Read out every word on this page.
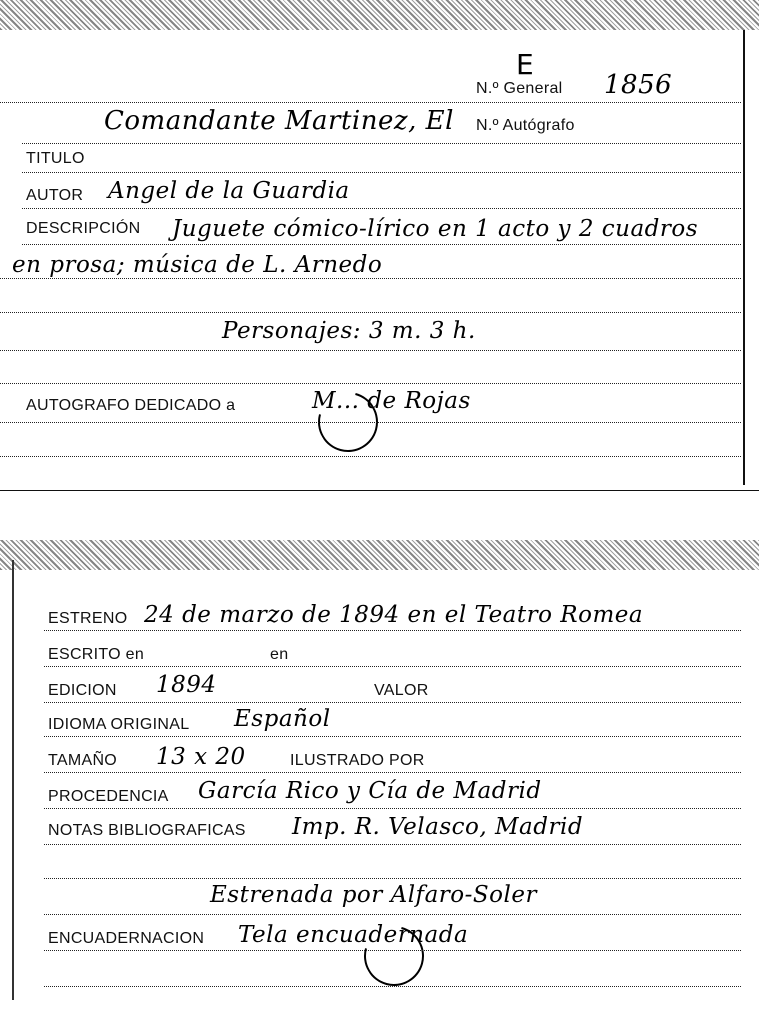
E
N.º General 1856
Comandante Martinez, El N.º Autógrafo
TITULO
AUTOR Angel de la Guardia
DESCRIPCIÓN Juguete cómico-lírico en 1 acto y 2 cuadros
en prosa; música de L. Arnedo
Personajes: 3 m. 3 h.
AUTOGRAFO DEDICADO a	M... de Rojas
ESTRENO 24 de marzo de 1894 en el Teatro Romea
ESCRITO en	en
EDICION 1894	VALOR
IDIOMA ORIGINAL Español
TAMAÑO 13 x 20	ILUSTRADO POR
PROCEDENCIA García Rico y Cía de Madrid
NOTAS BIBLIOGRAFICAS Imp. R. Velasco, Madrid
Estrenada por Alfaro-Soler
ENCUADERNACION Tela encuadernada
